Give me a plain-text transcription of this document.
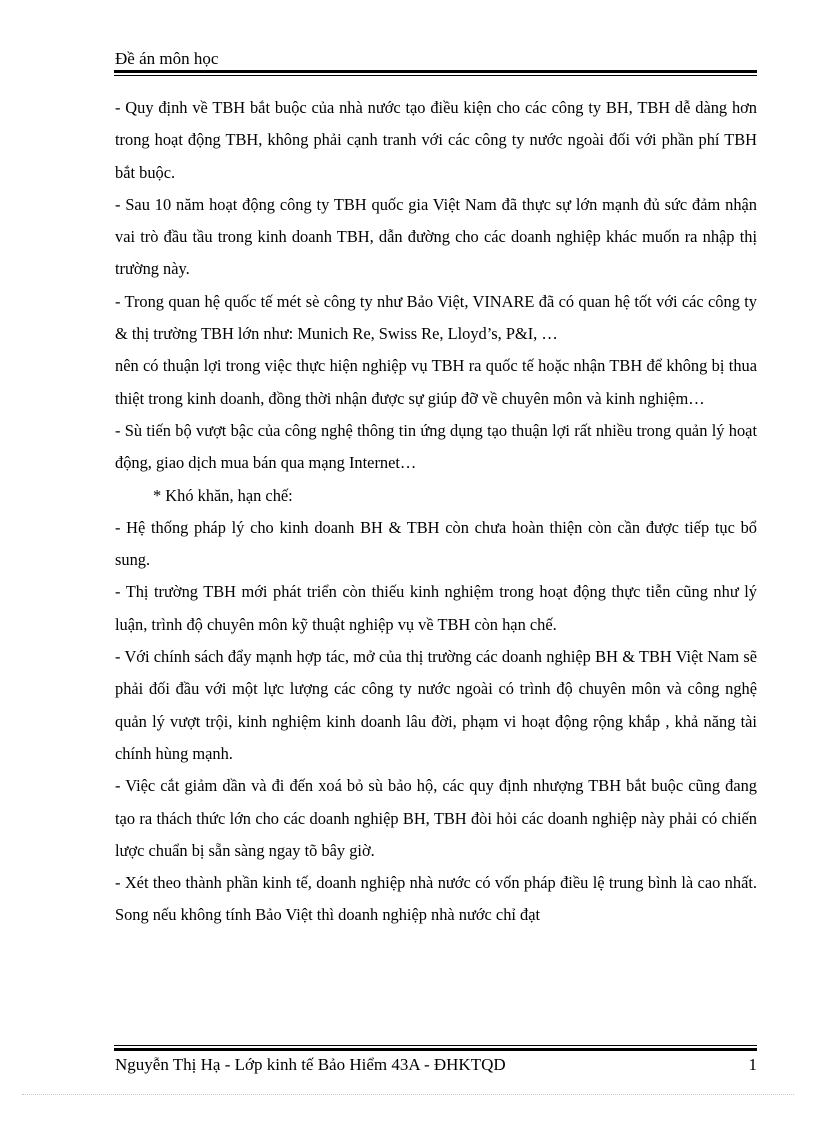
Đề án môn học

- Quy định về TBH bắt buộc của nhà nước tạo điều kiện cho các công ty BH, TBH dễ dàng hơn trong hoạt động TBH, không phải cạnh tranh với các công ty nước ngoài đối với phần phí TBH bắt buộc.

- Sau 10 năm hoạt động công ty TBH quốc gia Việt Nam đã thực sự lớn mạnh đủ sức đảm nhận vai trò đầu tầu trong kinh doanh TBH, dẫn đường cho các doanh nghiệp khác muốn ra nhập thị trường này.

- Trong quan hệ quốc tế mét sè công ty như Bảo Việt, VINARE đã có quan hệ tốt với các công ty & thị trường TBH lớn như: Munich Re, Swiss Re, Lloyd’s, P&I, …

nên có thuận lợi trong việc thực hiện nghiệp vụ TBH ra quốc tế hoặc nhận TBH để không bị thua thiệt trong kinh doanh, đồng thời nhận được sự giúp đỡ về chuyên môn và kinh nghiệm…

- Sù tiến bộ vượt bậc của công nghệ thông tin ứng dụng tạo thuận lợi rất nhiều trong quản lý hoạt động, giao dịch mua bán qua mạng Internet…

* Khó khăn, hạn chế:

- Hệ thống pháp lý cho kinh doanh BH & TBH còn chưa hoàn thiện còn cần được tiếp tục bổ sung.

- Thị trường TBH mới phát triển còn thiếu kinh nghiệm trong hoạt động thực tiễn cũng như lý luận, trình độ chuyên môn kỹ thuật nghiệp vụ về TBH còn hạn chế.

- Với chính sách đẩy mạnh hợp tác, mở của thị trường các doanh nghiệp BH & TBH Việt Nam sẽ phải đối đầu với một lực lượng các công ty nước ngoài có trình độ chuyên môn và công nghệ quản lý vượt trội, kinh nghiệm kinh doanh lâu đời, phạm vi hoạt động rộng khắp , khả năng tài chính hùng mạnh.

- Việc cắt giảm dần và đi đến xoá bỏ sù bảo hộ, các quy định nhượng TBH bắt buộc cũng đang tạo ra thách thức lớn cho các doanh nghiệp BH, TBH đòi hỏi các doanh nghiệp này phải có chiến lược chuẩn bị sẵn sàng ngay tõ bây giờ.

- Xét theo thành phần kinh tế, doanh nghiệp nhà nước có vốn pháp điều lệ trung bình là cao nhất. Song nếu không tính Bảo Việt thì doanh nghiệp nhà nước chỉ đạt

Nguyễn Thị Hạ - Lớp kinh tế Bảo Hiểm 43A - ĐHKTQD	1
